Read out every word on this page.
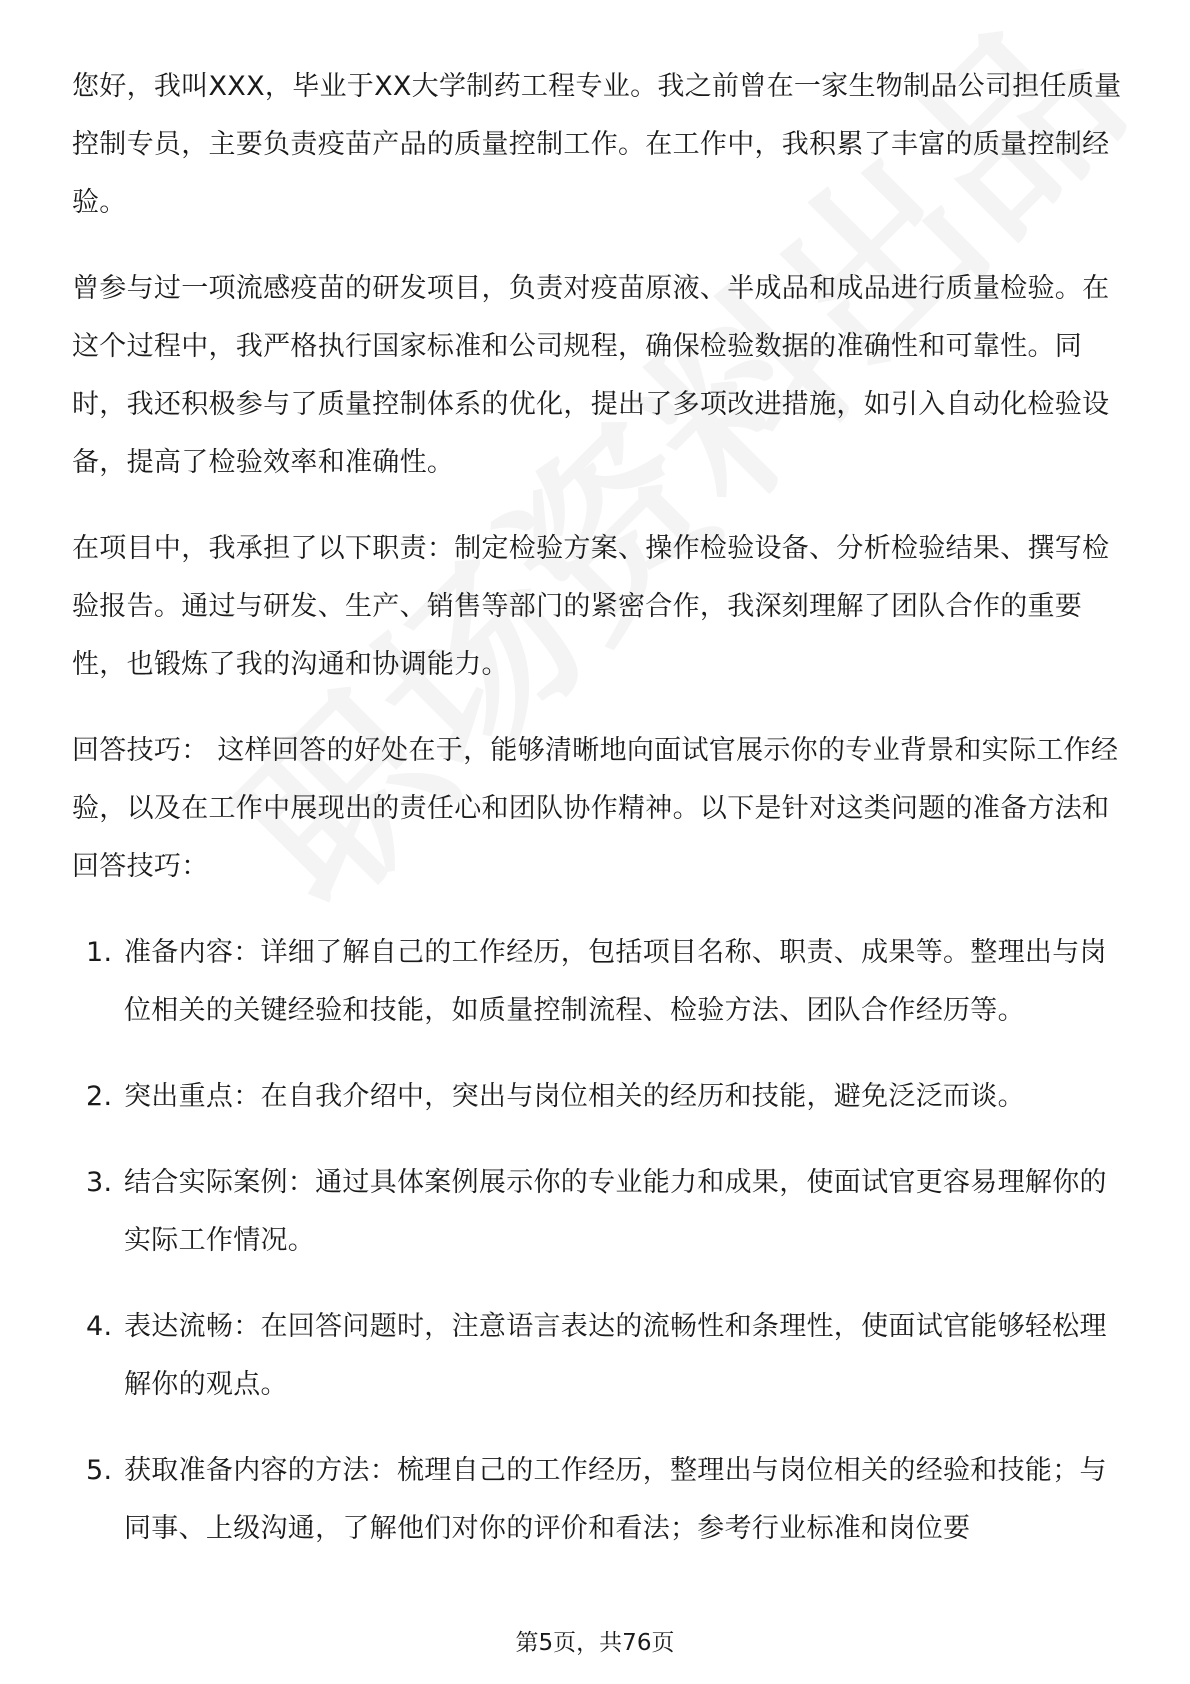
您好，我叫XXX，毕业于XX大学制药工程专业。我之前曾在一家生物制品公司担任质量控制专员，主要负责疫苗产品的质量控制工作。在工作中，我积累了丰富的质量控制经验。

曾参与过一项流感疫苗的研发项目，负责对疫苗原液、半成品和成品进行质量检验。在这个过程中，我严格执行国家标准和公司规程，确保检验数据的准确性和可靠性。同时，我还积极参与了质量控制体系的优化，提出了多项改进措施，如引入自动化检验设备，提高了检验效率和准确性。

在项目中，我承担了以下职责：制定检验方案、操作检验设备、分析检验结果、撰写检验报告。通过与研发、生产、销售等部门的紧密合作，我深刻理解了团队合作的重要性，也锻炼了我的沟通和协调能力。

回答技巧： 这样回答的好处在于，能够清晰地向面试官展示你的专业背景和实际工作经验，以及在工作中展现出的责任心和团队协作精神。以下是针对这类问题的准备方法和回答技巧：

1. 准备内容：详细了解自己的工作经历，包括项目名称、职责、成果等。整理出与岗位相关的关键经验和技能，如质量控制流程、检验方法、团队合作经历等。
2. 突出重点：在自我介绍中，突出与岗位相关的经历和技能，避免泛泛而谈。
3. 结合实际案例：通过具体案例展示你的专业能力和成果，使面试官更容易理解你的实际工作情况。
4. 表达流畅：在回答问题时，注意语言表达的流畅性和条理性，使面试官能够轻松理解你的观点。
5. 获取准备内容的方法：梳理自己的工作经历，整理出与岗位相关的经验和技能；与同事、上级沟通，了解他们对你的评价和看法；参考行业标准和岗位要
第5页，共76页
